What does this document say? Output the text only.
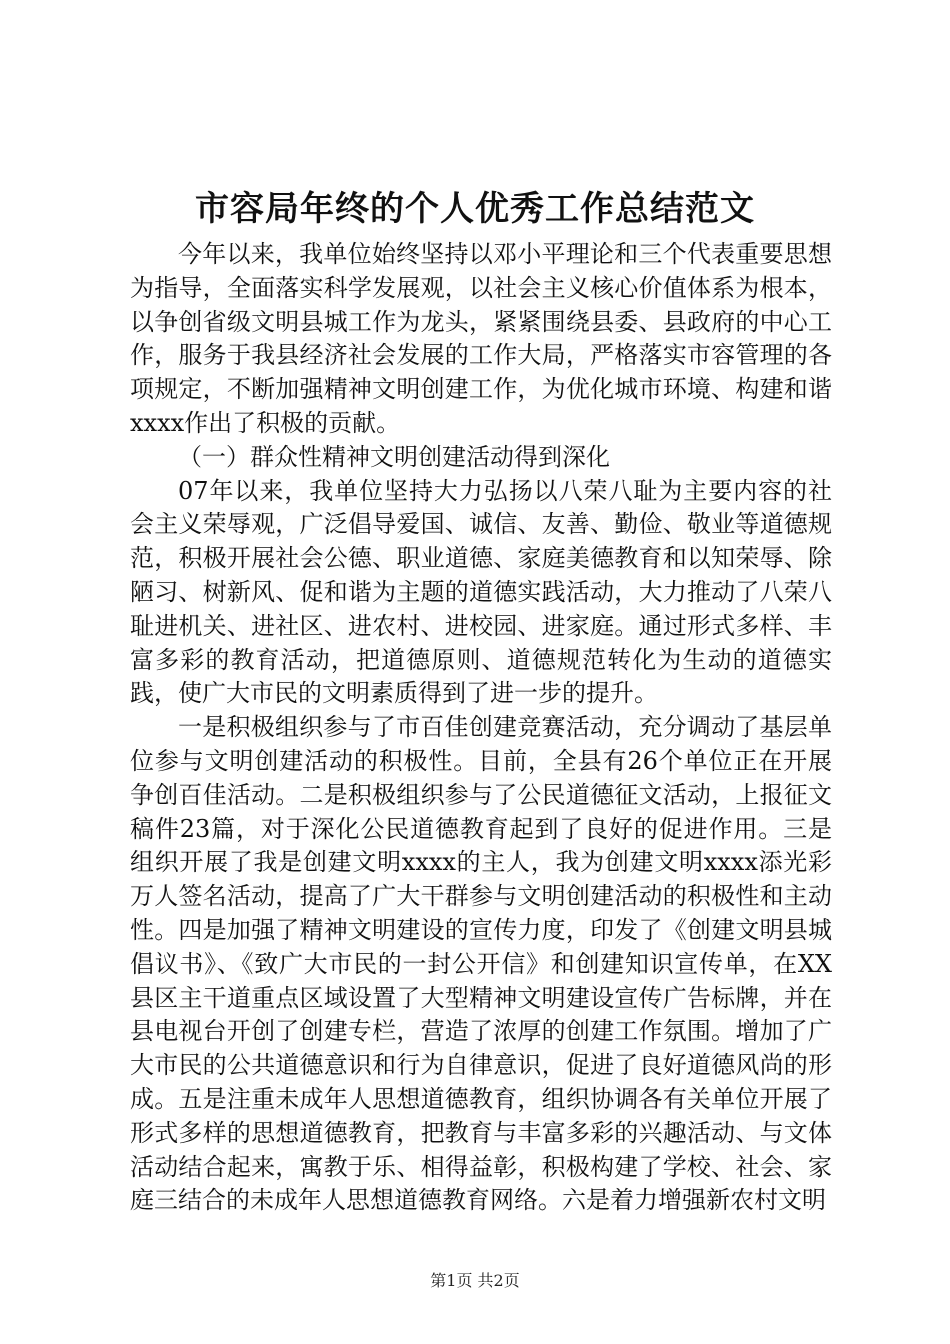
市容局年终的个人优秀工作总结范文

今年以来，我单位始终坚持以邓小平理论和三个代表重要思想为指导，全面落实科学发展观，以社会主义核心价值体系为根本，以争创省级文明县城工作为龙头，紧紧围绕县委、县政府的中心工作，服务于我县经济社会发展的工作大局，严格落实市容管理的各项规定，不断加强精神文明创建工作，为优化城市环境、构建和谐xxxx作出了积极的贡献。

（一）群众性精神文明创建活动得到深化

07年以来，我单位坚持大力弘扬以八荣八耻为主要内容的社会主义荣辱观，广泛倡导爱国、诚信、友善、勤俭、敬业等道德规范，积极开展社会公德、职业道德、家庭美德教育和以知荣辱、除陋习、树新风、促和谐为主题的道德实践活动，大力推动了八荣八耻进机关、进社区、进农村、进校园、进家庭。通过形式多样、丰富多彩的教育活动，把道德原则、道德规范转化为生动的道德实践，使广大市民的文明素质得到了进一步的提升。

一是积极组织参与了市百佳创建竞赛活动，充分调动了基层单位参与文明创建活动的积极性。目前，全县有26个单位正在开展争创百佳活动。二是积极组织参与了公民道德征文活动，上报征文稿件23篇，对于深化公民道德教育起到了良好的促进作用。三是组织开展了我是创建文明xxxx的主人，我为创建文明xxxx添光彩万人签名活动，提高了广大干群参与文明创建活动的积极性和主动性。四是加强了精神文明建设的宣传力度，印发了《创建文明县城倡议书》、《致广大市民的一封公开信》和创建知识宣传单，在XX县区主干道重点区域设置了大型精神文明建设宣传广告标牌，并在县电视台开创了创建专栏，营造了浓厚的创建工作氛围。增加了广大市民的公共道德意识和行为自律意识，促进了良好道德风尚的形成。五是注重未成年人思想道德教育，组织协调各有关单位开展了形式多样的思想道德教育，把教育与丰富多彩的兴趣活动、与文体活动结合起来，寓教于乐、相得益彰，积极构建了学校、社会、家庭三结合的未成年人思想道德教育网络。六是着力增强新农村文明

第1页 共2页
